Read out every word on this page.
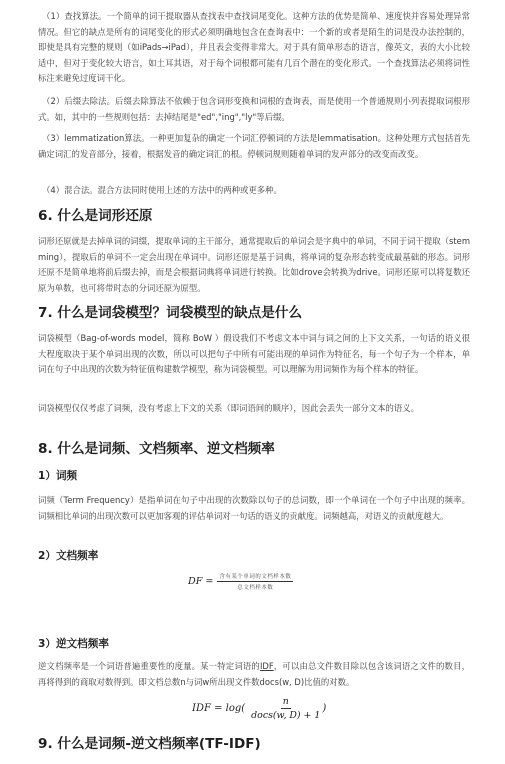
（1）查找算法。一个简单的词干提取器从查找表中查找词尾变化。这种方法的优势是简单、速度快并容易处理异常情况。但它的缺点是所有的词尾变化的形式必须明确地包含在查询表中：一个新的或者是陌生的词是没办法控制的，即使是具有完整的规则（如iPads→iPad），并且表会变得非常大。对于具有简单形态的语言，像英文，表的大小比较适中，但对于变化较大语言，如土耳其语，对于每个词根都可能有几百个潜在的变化形式。一个查找算法必须将词性标注来避免过度词干化。

（2）后缀去除法。后缀去除算法不依赖于包含词形变换和词根的查询表，而是使用一个普通规则小列表提取词根形式。如，其中的一些规则包括：去掉结尾是"ed","ing","ly"等后缀。

（3）lemmatization算法。一种更加复杂的确定一个词汇停顿词的方法是lemmatisation。这种处理方式包括首先确定词汇的发音部分，接着，根据发音的确定词汇的根。停顿词规则随着单词的发声部分的改变而改变。

（4）混合法。混合方法同时使用上述的方法中的两种或更多种。

6. 什么是词形还原

词形还原就是去掉单词的词缀，提取单词的主干部分，通常提取后的单词会是字典中的单词，不同于词干提取（stemming），提取后的单词不一定会出现在单词中。词形还原是基于词典，将单词的复杂形态转变成最基础的形态。词形还原不是简单地将前后缀去掉，而是会根据词典将单词进行转换。比如drove会转换为drive。词形还原可以将复数还原为单数，也可将带时态的分词还原为原型。

7. 什么是词袋模型？词袋模型的缺点是什么

词袋模型（Bag-of-words model，简称 BoW ）假设我们不考虑文本中词与词之间的上下文关系，一句话的语义很大程度取决于某个单词出现的次数，所以可以把句子中所有可能出现的单词作为特征名，每一个句子为一个样本，单词在句子中出现的次数为特征值构建数学模型，称为词袋模型。可以理解为用词频作为每个样本的特征。

词袋模型仅仅考虑了词频，没有考虑上下文的关系（即词语间的顺序），因此会丢失一部分文本的语义。

8. 什么是词频、文档频率、逆文档频率
1）词频

词频（Term Frequency）是指单词在句子中出现的次数除以句子的总词数，即一个单词在一个句子中出现的频率。词频相比单词的出现次数可以更加客观的评估单词对一句话的语义的贡献度。词频越高，对语义的贡献度越大。

2）文档频率
DF = $\frac{\text{含有某个单词的文档样本数}}{\text{总文档样本数}}$
3）逆文档频率

逆文档频率是一个词语普遍重要性的度量。某一特定词语的IDF，可以由总文件数目除以包含该词语之文件的数目，再将得到的商取对数得到。即文档总数n与词w所出现文件数docs(w, D)比值的对数。

IDF = $\log( \frac{n}{\text{docs(w, D) + 1}}$ )
9. 什么是词频-逆文档频率(TF-IDF)
